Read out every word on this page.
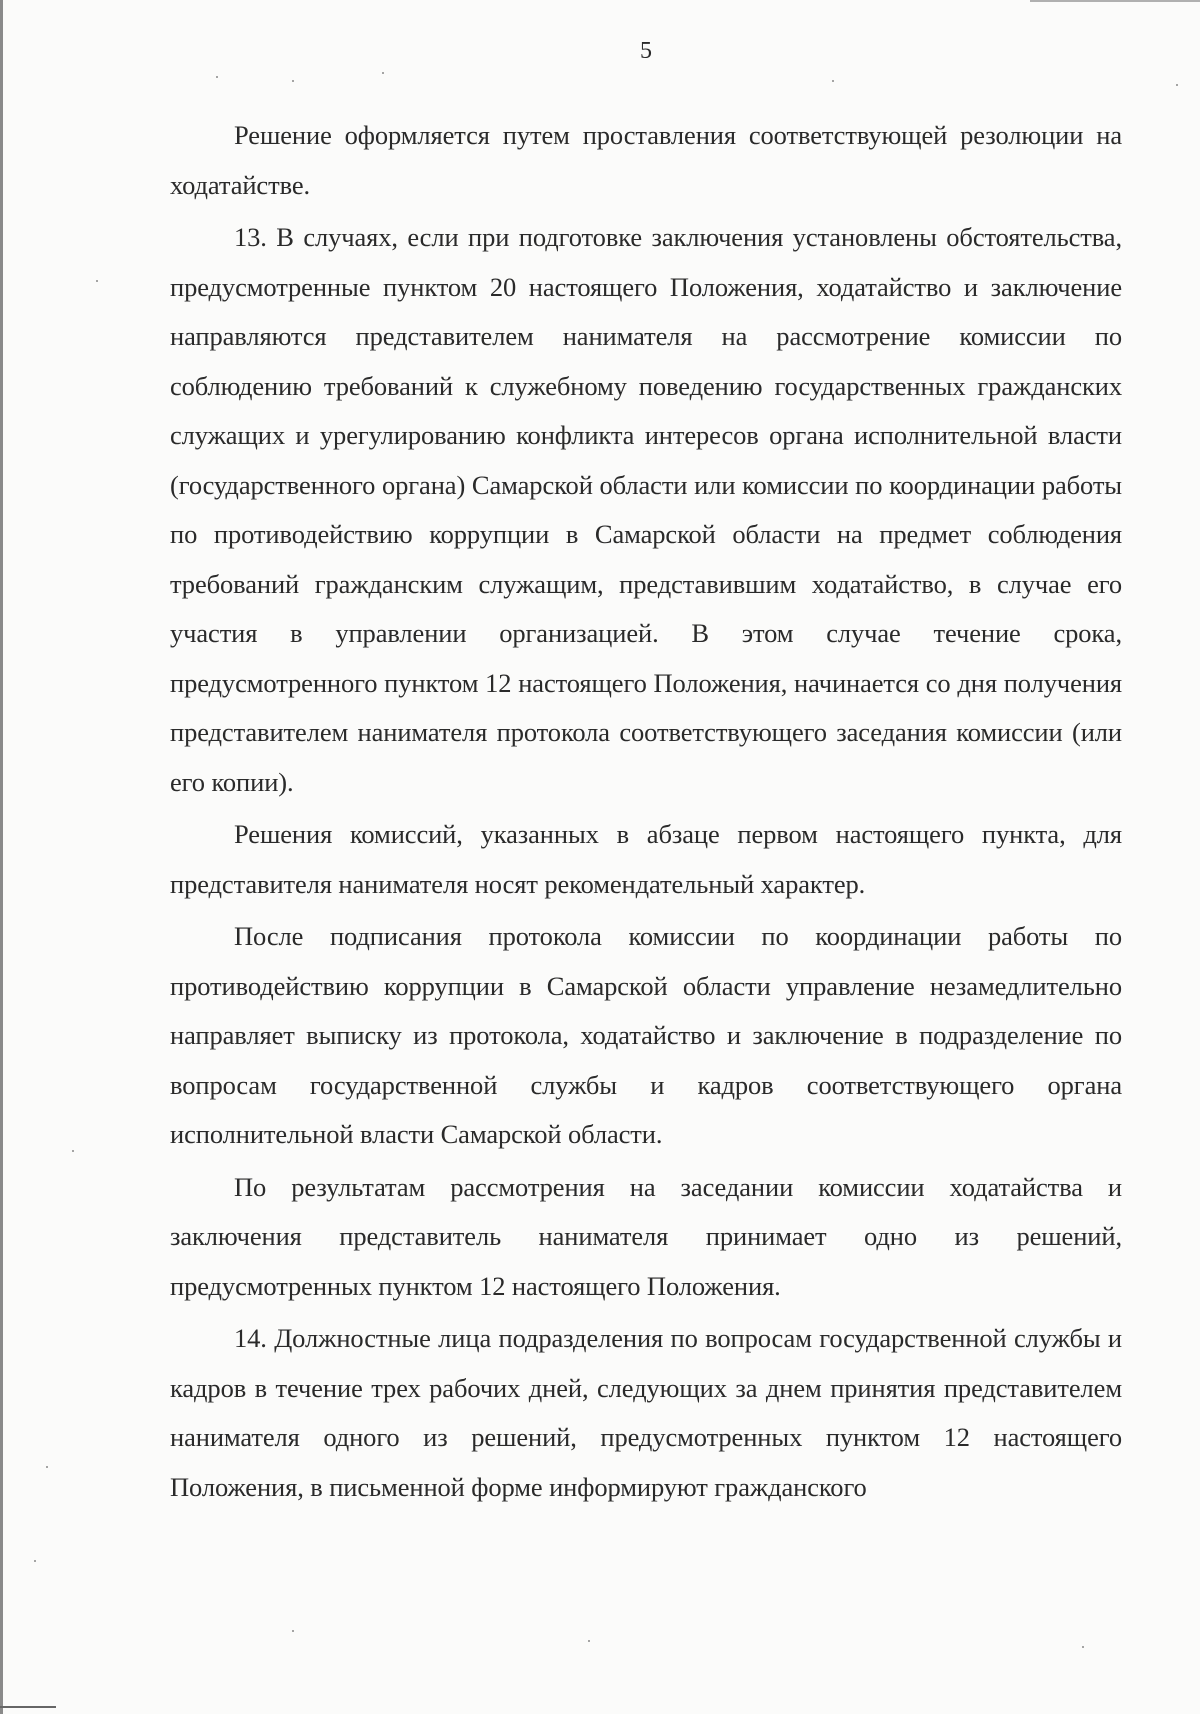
5

Решение оформляется путем проставления соответствующей резолюции на ходатайстве.

13. В случаях, если при подготовке заключения установлены обстоятельства, предусмотренные пунктом 20 настоящего Положения, ходатайство и заключение направляются представителем нанимателя на рассмотрение комиссии по соблюдению требований к служебному поведению государственных гражданских служащих и урегулированию конфликта интересов органа исполнительной власти (государственного органа) Самарской области или комиссии по координации работы по противодействию коррупции в Самарской области на предмет соблюдения требований гражданским служащим, представившим ходатайство, в случае его участия в управлении организацией. В этом случае течение срока, предусмотренного пунктом 12 настоящего Положения, начинается со дня получения представителем нанимателя протокола соответствующего заседания комиссии (или его копии).

Решения комиссий, указанных в абзаце первом настоящего пункта, для представителя нанимателя носят рекомендательный характер.

После подписания протокола комиссии по координации работы по противодействию коррупции в Самарской области управление незамедлительно направляет выписку из протокола, ходатайство и заключение в подразделение по вопросам государственной службы и кадров соответствующего органа исполнительной власти Самарской области.

По результатам рассмотрения на заседании комиссии ходатайства и заключения представитель нанимателя принимает одно из решений, предусмотренных пунктом 12 настоящего Положения.

14. Должностные лица подразделения по вопросам государственной службы и кадров в течение трех рабочих дней, следующих за днем принятия представителем нанимателя одного из решений, предусмотренных пунктом 12 настоящего Положения, в письменной форме информируют гражданского
